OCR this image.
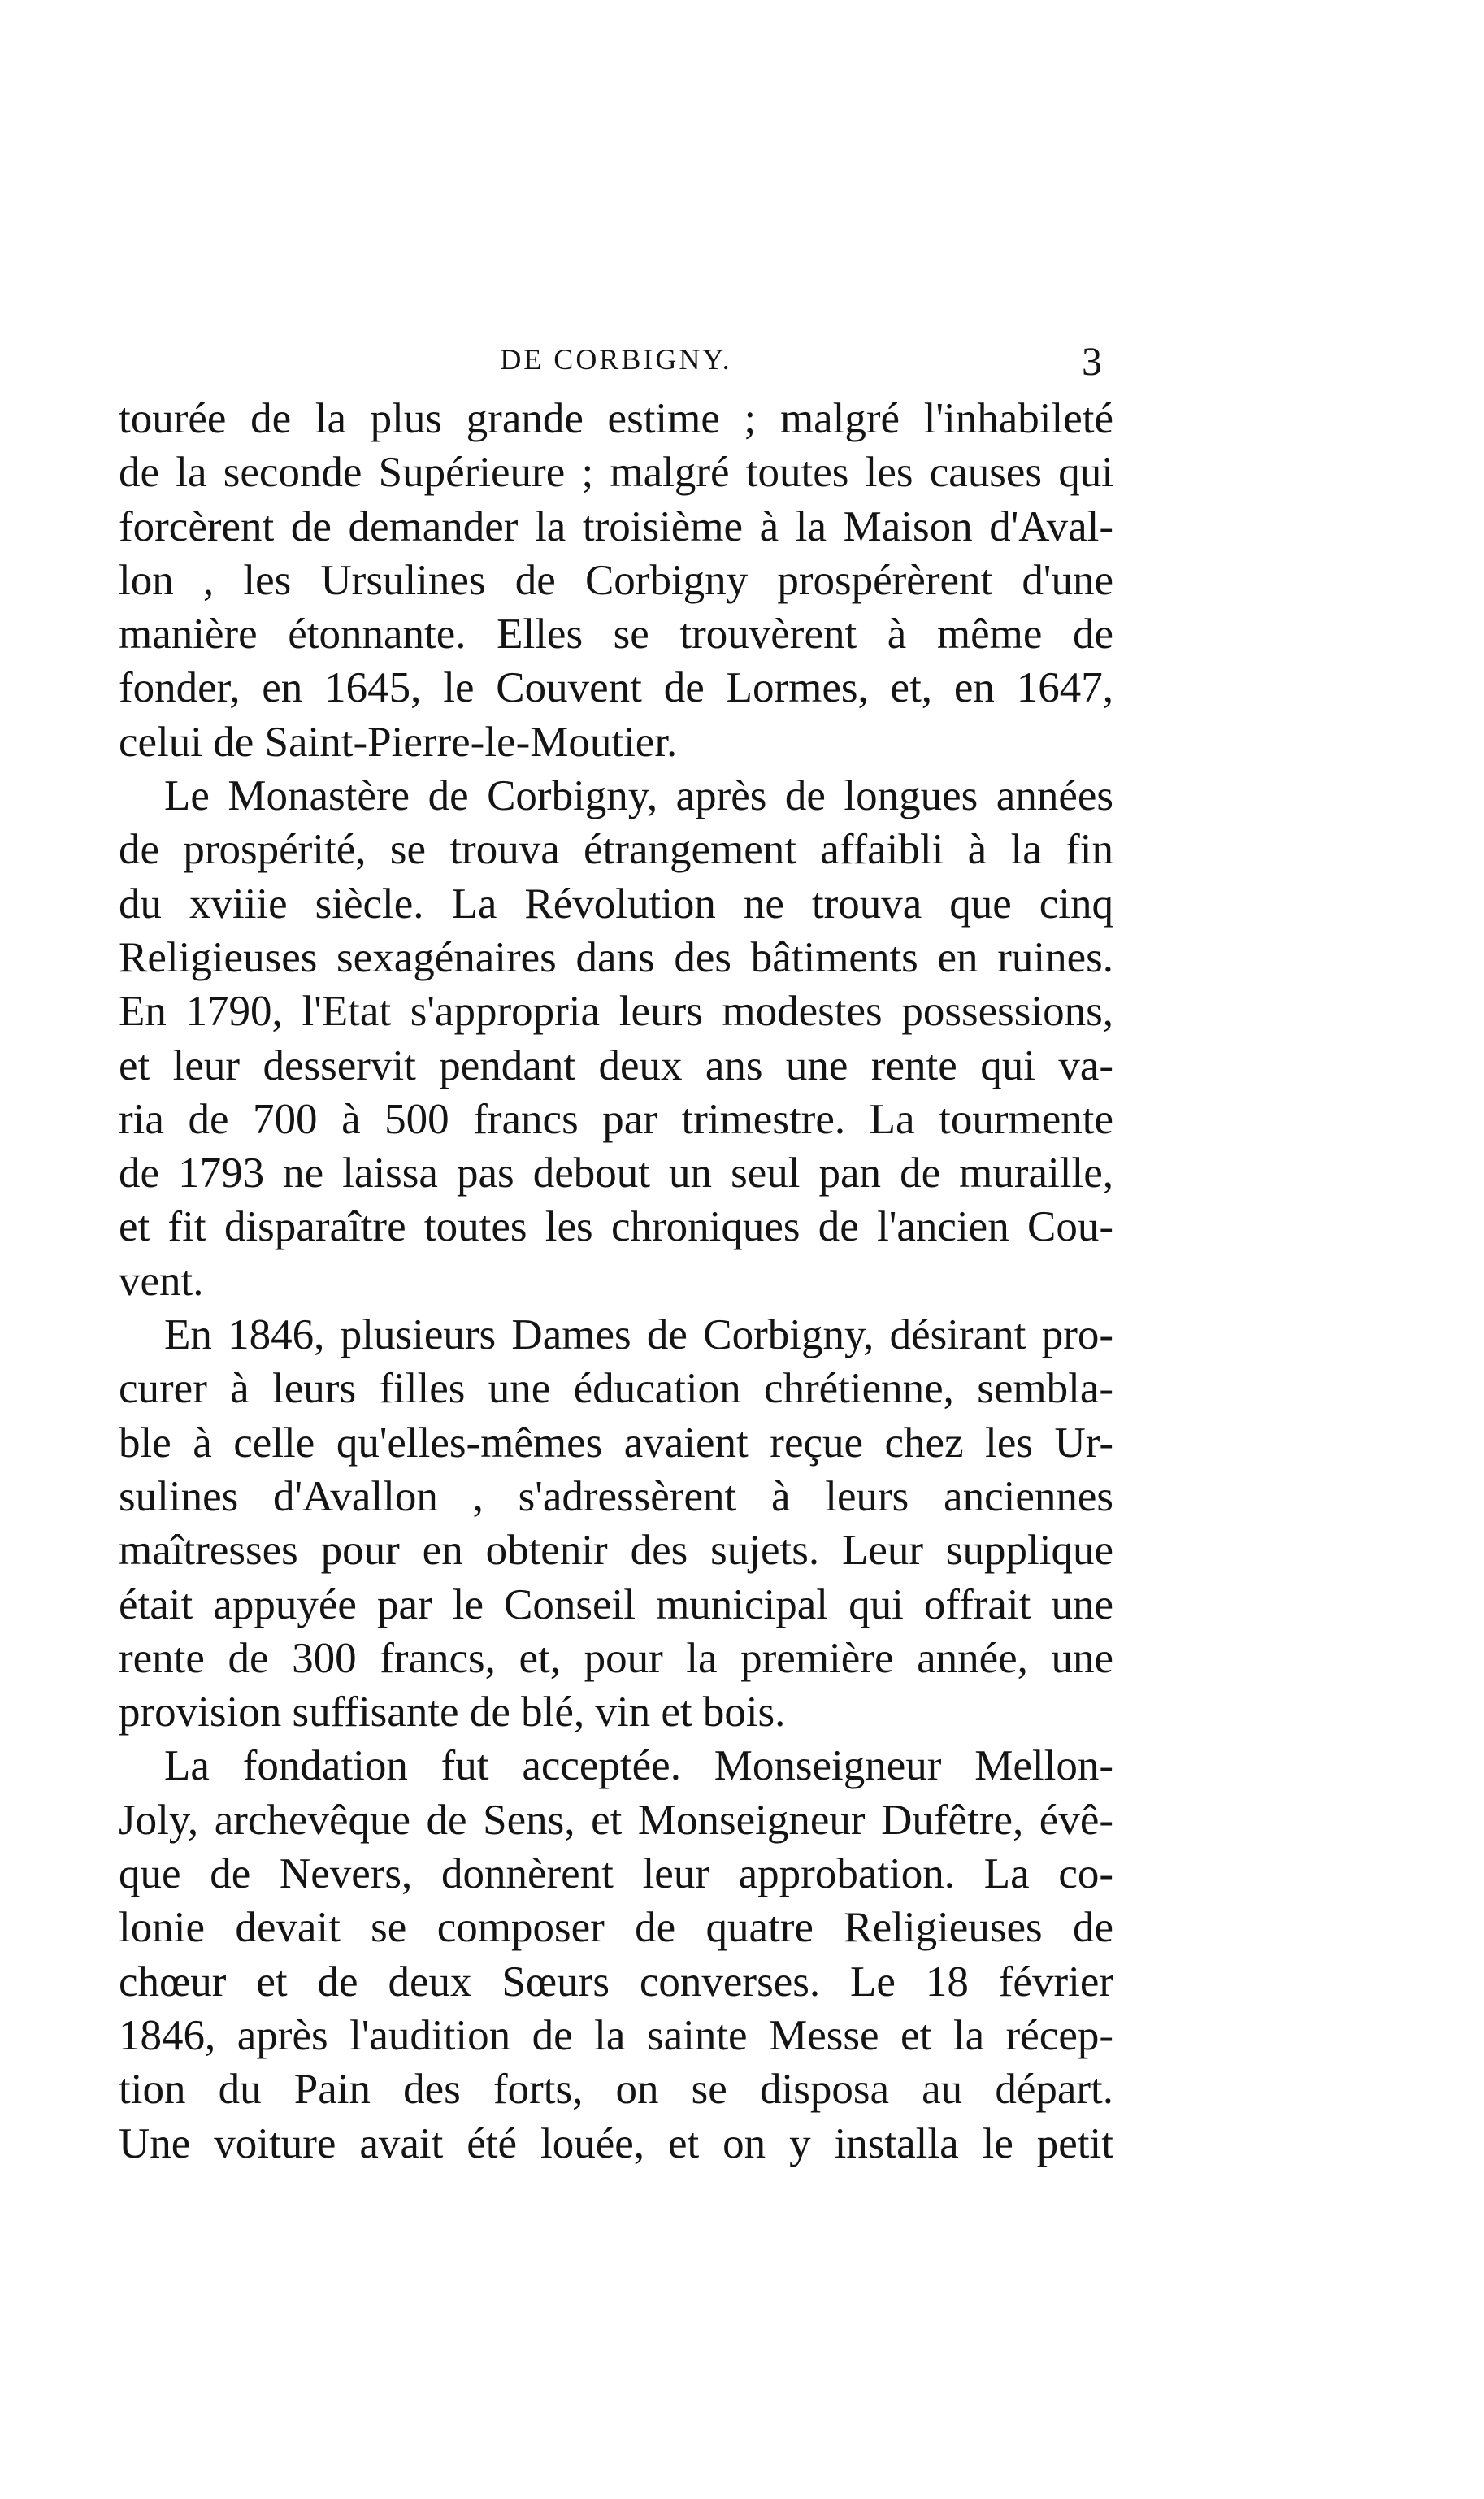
DE CORBIGNY.	3
tourée de la plus grande estime ; malgré l'inhabileté
de la seconde Supérieure ; malgré toutes les causes qui
forcèrent de demander la troisième à la Maison d'Aval-
lon , les Ursulines de Corbigny prospérèrent d'une
manière étonnante. Elles se trouvèrent à même de
fonder, en 1645, le Couvent de Lormes, et, en 1647,
celui de Saint-Pierre-le-Moutier.
Le Monastère de Corbigny, après de longues années
de prospérité, se trouva étrangement affaibli à la fin
du xviiie siècle. La Révolution ne trouva que cinq
Religieuses sexagénaires dans des bâtiments en ruines.
En 1790, l'Etat s'appropria leurs modestes possessions,
et leur desservit pendant deux ans une rente qui va-
ria de 700 à 500 francs par trimestre. La tourmente
de 1793 ne laissa pas debout un seul pan de muraille,
et fit disparaître toutes les chroniques de l'ancien Cou-
vent.
En 1846, plusieurs Dames de Corbigny, désirant pro-
curer à leurs filles une éducation chrétienne, sembla-
ble à celle qu'elles-mêmes avaient reçue chez les Ur-
sulines d'Avallon , s'adressèrent à leurs anciennes
maîtresses pour en obtenir des sujets. Leur supplique
était appuyée par le Conseil municipal qui offrait une
rente de 300 francs, et, pour la première année, une
provision suffisante de blé, vin et bois.
La fondation fut acceptée. Monseigneur Mellon-
Joly, archevêque de Sens, et Monseigneur Dufêtre, évê-
que de Nevers, donnèrent leur approbation. La co-
lonie devait se composer de quatre Religieuses de
chœur et de deux Sœurs converses. Le 18 février
1846, après l'audition de la sainte Messe et la récep-
tion du Pain des forts, on se disposa au départ.
Une voiture avait été louée, et on y installa le petit
